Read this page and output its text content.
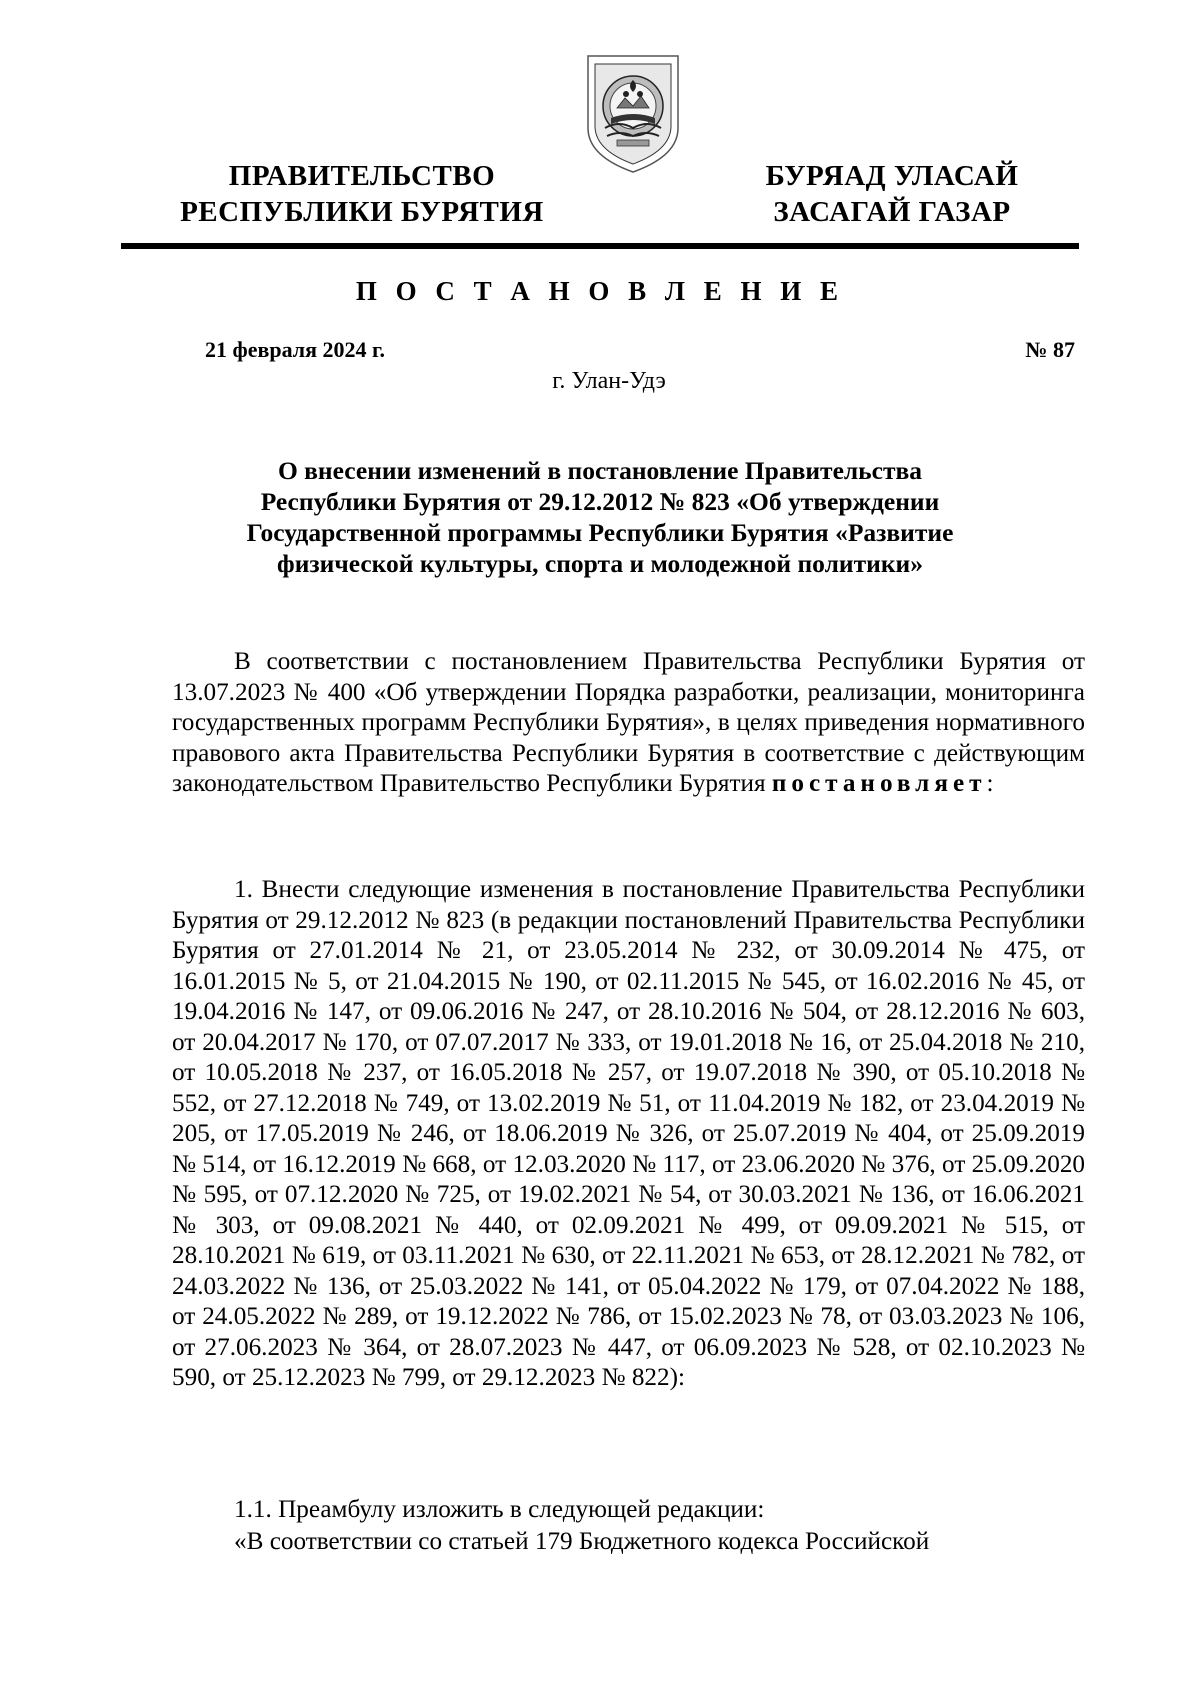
ПРАВИТЕЛЬСТВО
РЕСПУБЛИКИ БУРЯТИЯ
БУРЯАД УЛАСАЙ
ЗАСАГАЙ ГАЗАР
П О С Т А Н О В Л Е Н И Е
21 февраля 2024 г.	№ 87
г. Улан-Удэ
О внесении изменений в постановление Правительства
Республики Бурятия от 29.12.2012 № 823 «Об утверждении
Государственной программы Республики Бурятия «Развитие
физической культуры, спорта и молодежной политики»

В соответствии с постановлением Правительства Республики Бурятия от 13.07.2023 № 400 «Об утверждении Порядка разработки, реализации, мониторинга государственных программ Республики Бурятия», в целях приведения нормативного правового акта Правительства Республики Бурятия в соответствие с действующим законодательством Правительство Республики Бурятия постановляет:

1. Внести следующие изменения в постановление Правительства Республики Бурятия от 29.12.2012 № 823 (в редакции постановлений Правительства Республики Бурятия от 27.01.2014 № 21, от 23.05.2014 № 232, от 30.09.2014 № 475, от 16.01.2015 № 5, от 21.04.2015 № 190, от 02.11.2015 № 545, от 16.02.2016 № 45, от 19.04.2016 № 147, от 09.06.2016 № 247, от 28.10.2016 № 504, от 28.12.2016 № 603, от 20.04.2017 № 170, от 07.07.2017 № 333, от 19.01.2018 № 16, от 25.04.2018 № 210, от 10.05.2018 № 237, от 16.05.2018 № 257, от 19.07.2018 № 390, от 05.10.2018 № 552, от 27.12.2018 № 749, от 13.02.2019 № 51, от 11.04.2019 № 182, от 23.04.2019 № 205, от 17.05.2019 № 246, от 18.06.2019 № 326, от 25.07.2019 № 404, от 25.09.2019 № 514, от 16.12.2019 № 668, от 12.03.2020 № 117, от 23.06.2020 № 376, от 25.09.2020 № 595, от 07.12.2020 № 725, от 19.02.2021 № 54, от 30.03.2021 № 136, от 16.06.2021 № 303, от 09.08.2021 № 440, от 02.09.2021 № 499, от 09.09.2021 № 515, от 28.10.2021 № 619, от 03.11.2021 № 630, от 22.11.2021 № 653, от 28.12.2021 № 782, от 24.03.2022 № 136, от 25.03.2022 № 141, от 05.04.2022 № 179, от 07.04.2022 № 188, от 24.05.2022 № 289, от 19.12.2022 № 786, от 15.02.2023 № 78, от 03.03.2023 № 106, от 27.06.2023 № 364, от 28.07.2023 № 447, от 06.09.2023 № 528, от 02.10.2023 № 590, от 25.12.2023 № 799, от 29.12.2023 № 822):

1.1. Преамбулу изложить в следующей редакции:

«В соответствии со статьей 179 Бюджетного кодекса Российской
